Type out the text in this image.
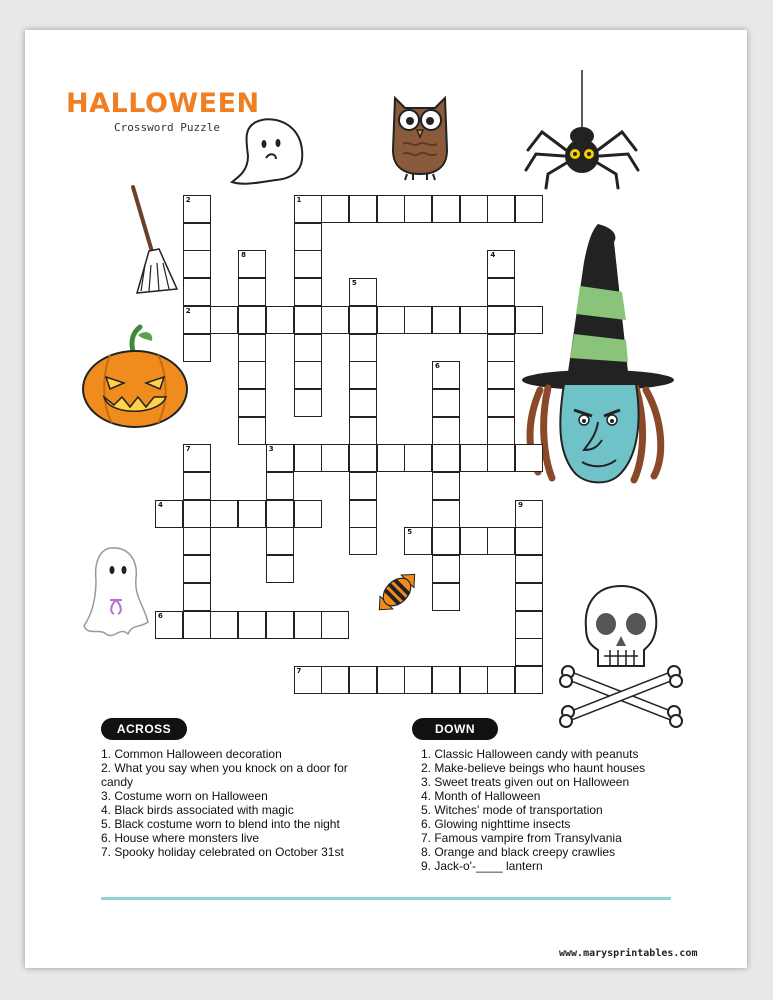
HALLOWEEN
Crossword Puzzle
1
2
3
4
5
6
7
2
8
5
4
6
7
9
ACROSS	DOWN
1. Common Halloween decoration
2. What you say when you knock on a door for candy
3. Costume worn on Halloween
4. Black birds associated with magic
5. Black costume worn to blend into the night
6. House where monsters live
7. Spooky holiday celebrated on October 31st
1. Classic Halloween candy with peanuts
2. Make-believe beings who haunt houses
3. Sweet treats given out on Halloween
4. Month of Halloween
5. Witches' mode of transportation
6. Glowing nighttime insects
7. Famous vampire from Transylvania
8. Orange and black creepy crawlies
9. Jack-o'-____ lantern
www.marysprintables.com
